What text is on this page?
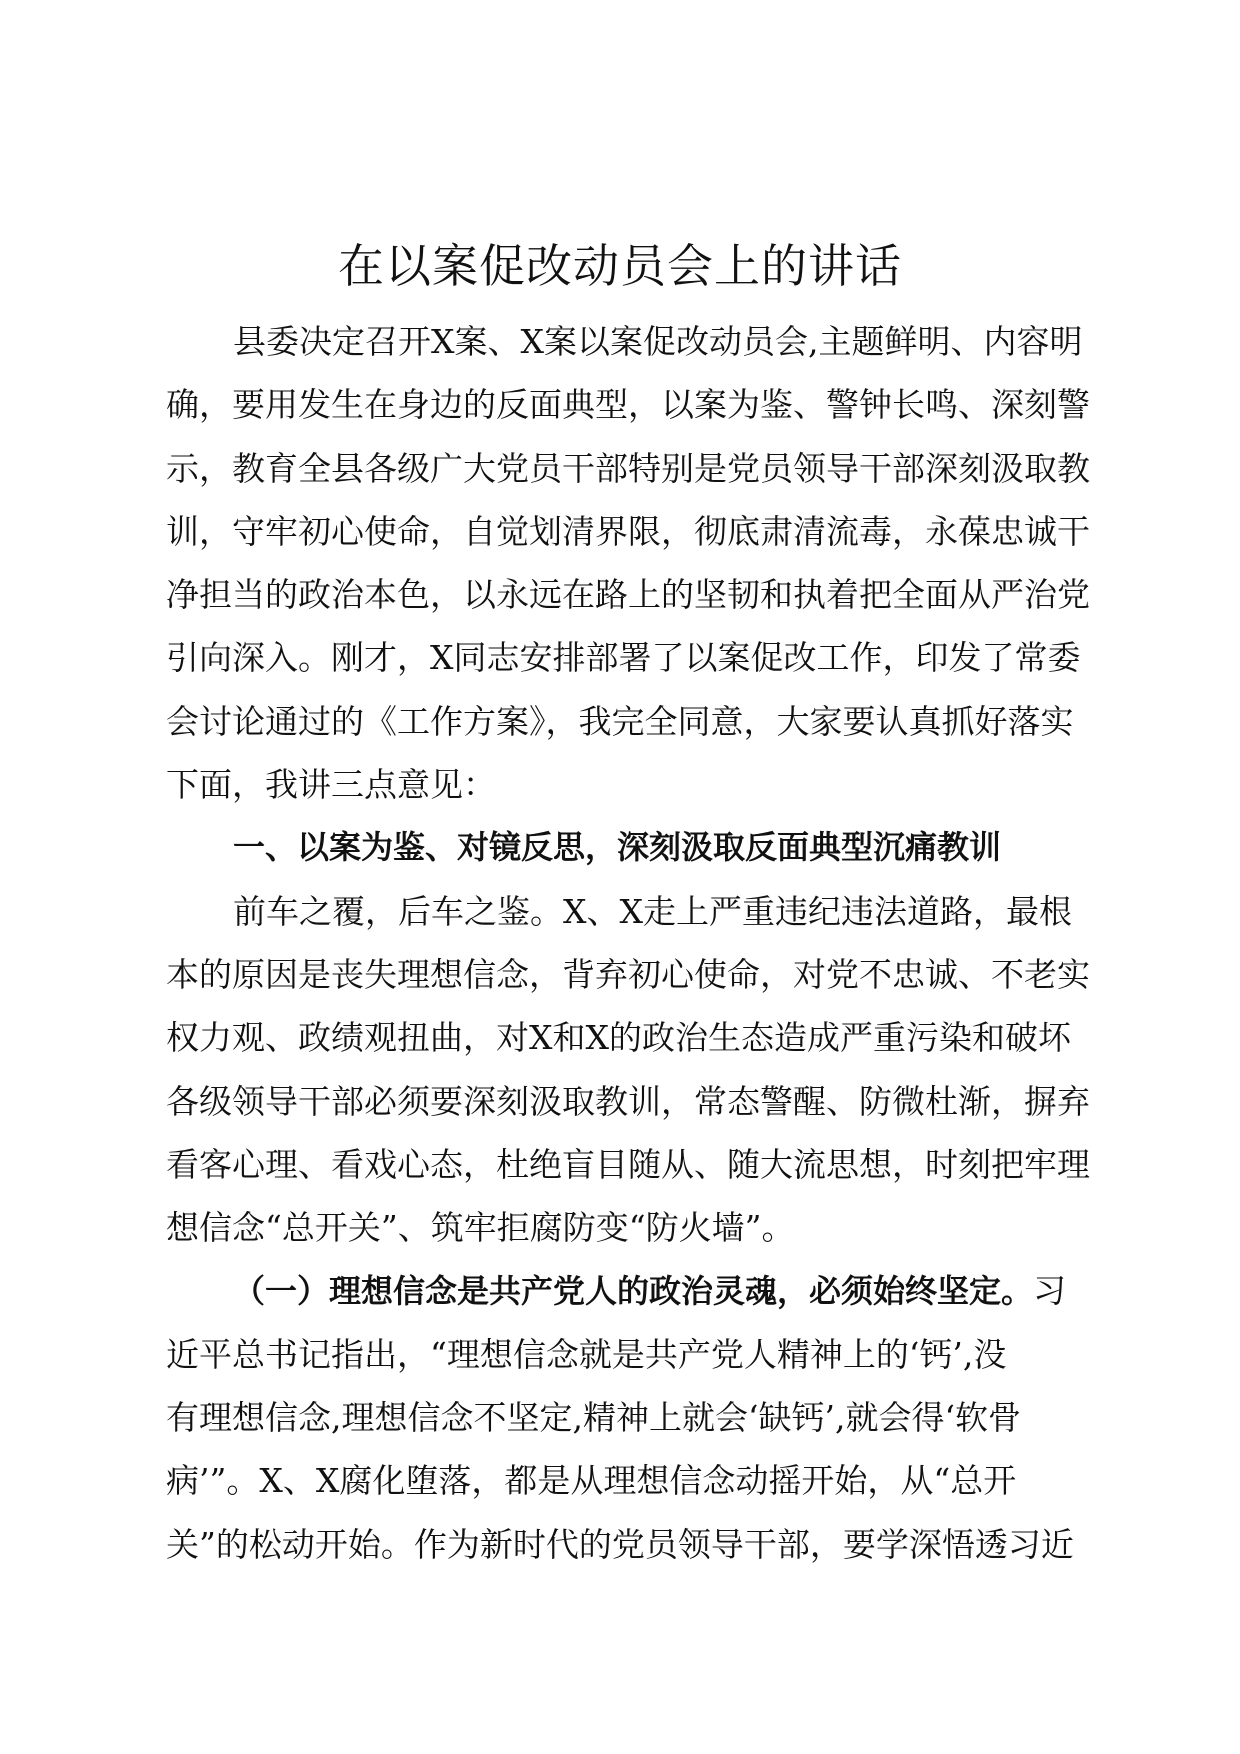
在以案促改动员会上的讲话
县委决定召开X案、X案以案促改动员会,主题鲜明、内容明
确，要用发生在身边的反面典型，以案为鉴、警钟长鸣、深刻警
示，教育全县各级广大党员干部特别是党员领导干部深刻汲取教
训，守牢初心使命，自觉划清界限，彻底肃清流毒，永葆忠诚干
净担当的政治本色，以永远在路上的坚韧和执着把全面从严治党
引向深入。刚才，X同志安排部署了以案促改工作，印发了常委
会讨论通过的《工作方案》，我完全同意，大家要认真抓好落实
下面，我讲三点意见：
一、以案为鉴、对镜反思，深刻汲取反面典型沉痛教训
前车之覆，后车之鉴。X、X走上严重违纪违法道路，最根
本的原因是丧失理想信念，背弃初心使命，对党不忠诚、不老实
权力观、政绩观扭曲，对X和X的政治生态造成严重污染和破坏
各级领导干部必须要深刻汲取教训，常态警醒、防微杜渐，摒弃
看客心理、看戏心态，杜绝盲目随从、随大流思想，时刻把牢理
想信念“总开关”、筑牢拒腐防变“防火墙”。
（一）理想信念是共产党人的政治灵魂，必须始终坚定。习
近平总书记指出，“理想信念就是共产党人精神上的‘钙’,没
有理想信念,理想信念不坚定,精神上就会‘缺钙’,就会得‘软骨
病’”。X、X腐化堕落，都是从理想信念动摇开始，从“总开
关”的松动开始。作为新时代的党员领导干部，要学深悟透习近
